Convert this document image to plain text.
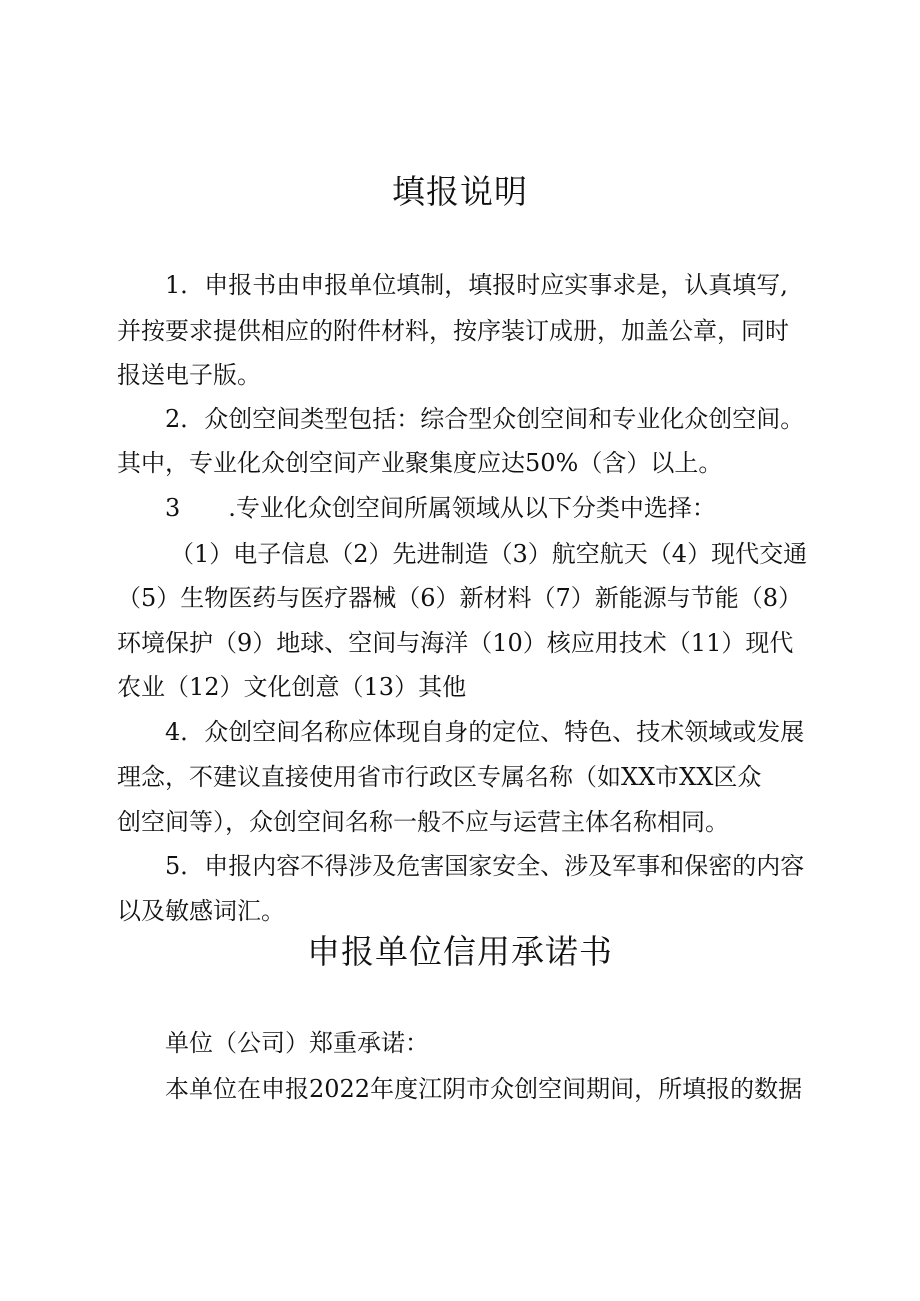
填报说明
1．申报书由申报单位填制，填报时应实事求是，认真填写,
并按要求提供相应的附件材料，按序装订成册，加盖公章，同时
报送电子版。
2．众创空间类型包括：综合型众创空间和专业化众创空间。
其中，专业化众创空间产业聚集度应达50%（含）以上。
3　　.专业化众创空间所属领域从以下分类中选择：
（1）电子信息（2）先进制造（3）航空航天（4）现代交通
（5）生物医药与医疗器械（6）新材料（7）新能源与节能（8）
环境保护（9）地球、空间与海洋（10）核应用技术（11）现代
农业（12）文化创意（13）其他
4．众创空间名称应体现自身的定位、特色、技术领域或发展
理念，不建议直接使用省市行政区专属名称（如XX市XX区众
创空间等），众创空间名称一般不应与运营主体名称相同。
5．申报内容不得涉及危害国家安全、涉及军事和保密的内容
以及敏感词汇。
申报单位信用承诺书
单位（公司）郑重承诺：
本单位在申报2022年度江阴市众创空间期间，所填报的数据
